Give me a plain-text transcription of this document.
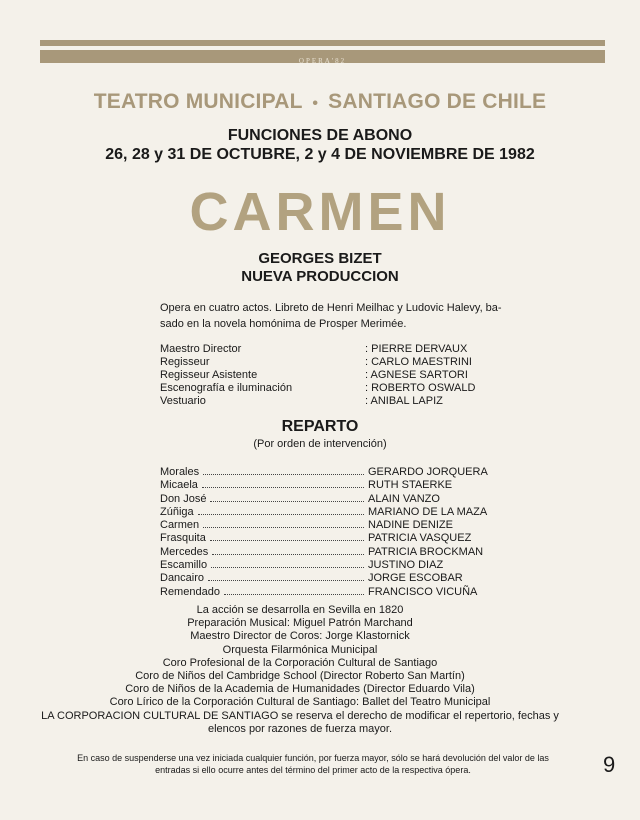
OPERA'82
TEATRO MUNICIPAL • SANTIAGO DE CHILE
FUNCIONES DE ABONO
26, 28 y 31 DE OCTUBRE, 2 y 4 DE NOVIEMBRE DE 1982
CARMEN
GEORGES BIZET
NUEVA PRODUCCION
Opera en cuatro actos. Libreto de Henri Meilhac y Ludovic Halevy, ba-
sado en la novela homónima de Prosper Merimée.
Maestro Director	: PIERRE DERVAUX
Regisseur	: CARLO MAESTRINI
Regisseur Asistente	: AGNESE SARTORI
Escenografía e iluminación	: ROBERTO OSWALD
Vestuario	: ANIBAL LAPIZ
REPARTO
(Por orden de intervención)
Morales	GERARDO JORQUERA
Micaela	RUTH STAERKE
Don José	ALAIN VANZO
Zúñiga	MARIANO DE LA MAZA
Carmen	NADINE DENIZE
Frasquita	PATRICIA VASQUEZ
Mercedes	PATRICIA BROCKMAN
Escamillo	JUSTINO DIAZ
Dancairo	JORGE ESCOBAR
Remendado	FRANCISCO VICUÑA
La acción se desarrolla en Sevilla en 1820
Preparación Musical: Miguel Patrón Marchand
Maestro Director de Coros: Jorge Klastornick
Orquesta Filarmónica Municipal
Coro Profesional de la Corporación Cultural de Santiago
Coro de Niños del Cambridge School (Director Roberto San Martín)
Coro de Niños de la Academia de Humanidades (Director Eduardo Vila)
Coro Lírico de la Corporación Cultural de Santiago: Ballet del Teatro Municipal
LA CORPORACION CULTURAL DE SANTIAGO se reserva el derecho de modificar el repertorio, fechas y
elencos por razones de fuerza mayor.
En caso de suspenderse una vez iniciada cualquier función, por fuerza mayor, sólo se hará devolución del valor de las
entradas si ello ocurre antes del término del primer acto de la respectiva ópera.	9
